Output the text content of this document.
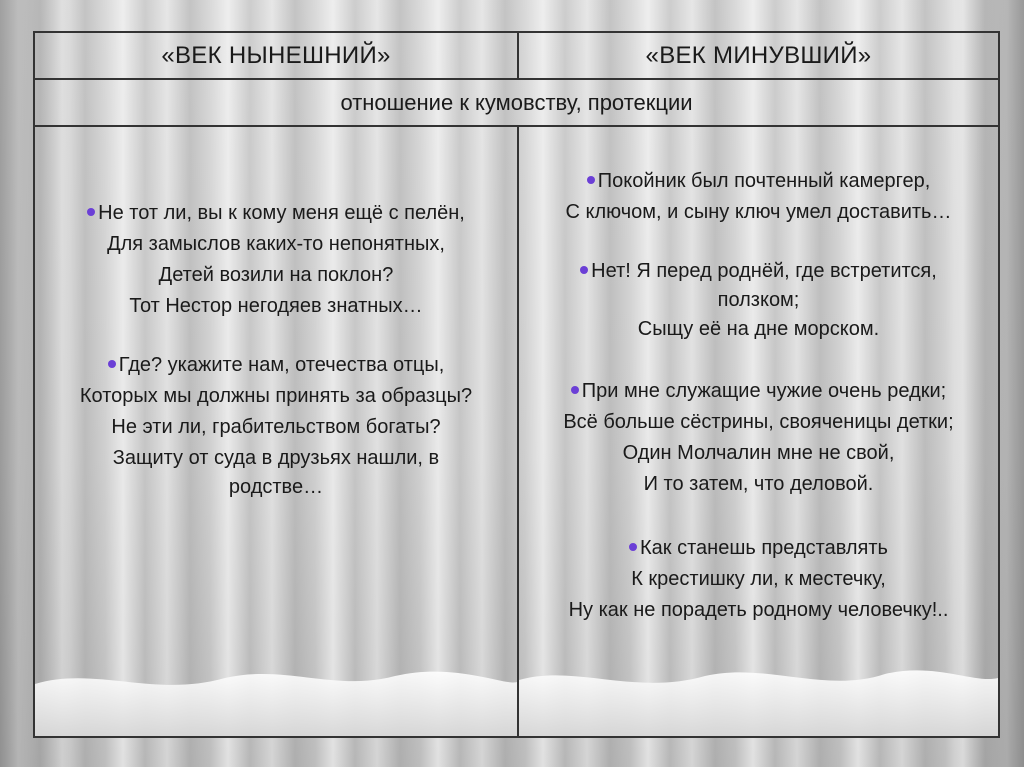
«ВЕК НЫНЕШНИЙ»	«ВЕК МИНУВШИЙ»
отношение к кумовству, протекции
Не тот ли, вы к кому меня ещё с пелён,
Для замыслов каких-то непонятных,
Детей возили на поклон?
Тот Нестор негодяев знатных…
Где? укажите нам, отечества отцы,
Которых мы должны принять за образцы?
Не эти ли, грабительством богаты?
Защиту от суда в друзьях нашли, в
родстве…
Покойник был почтенный камергер,
С ключом, и сыну ключ умел доставить…
Нет! Я перед роднёй, где встретится,
ползком;
Сыщу её на дне морском.
При мне служащие чужие очень редки;
Всё больше сёстрины, свояченицы детки;
Один Молчалин мне не свой,
И то затем, что деловой.
Как станешь представлять
К крестишку ли, к местечку,
Ну как не порадеть родному человечку!..
